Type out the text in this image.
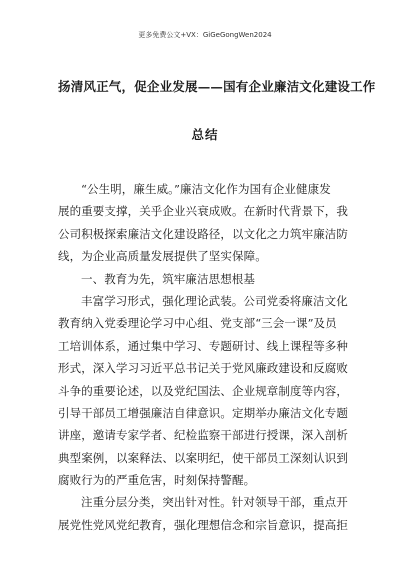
更多免费公文+VX：GiGeGongWen2024
扬清风正气，促企业发展——国有企业廉洁文化建设工作
总结
“公生明，廉生威。”廉洁文化作为国有企业健康发
展的重要支撑，关乎企业兴衰成败。在新时代背景下，我
公司积极探索廉洁文化建设路径，以文化之力筑牢廉洁防
线，为企业高质量发展提供了坚实保障。
一、教育为先，筑牢廉洁思想根基
丰富学习形式，强化理论武装。公司党委将廉洁文化
教育纳入党委理论学习中心组、党支部“三会一课”及员
工培训体系，通过集中学习、专题研讨、线上课程等多种
形式，深入学习习近平总书记关于党风廉政建设和反腐败
斗争的重要论述，以及党纪国法、企业规章制度等内容，
引导干部员工增强廉洁自律意识。定期举办廉洁文化专题
讲座，邀请专家学者、纪检监察干部进行授课，深入剖析
典型案例，以案释法、以案明纪，使干部员工深刻认识到
腐败行为的严重危害，时刻保持警醒。
注重分层分类，突出针对性。针对领导干部，重点开
展党性党风党纪教育，强化理想信念和宗旨意识，提高拒
